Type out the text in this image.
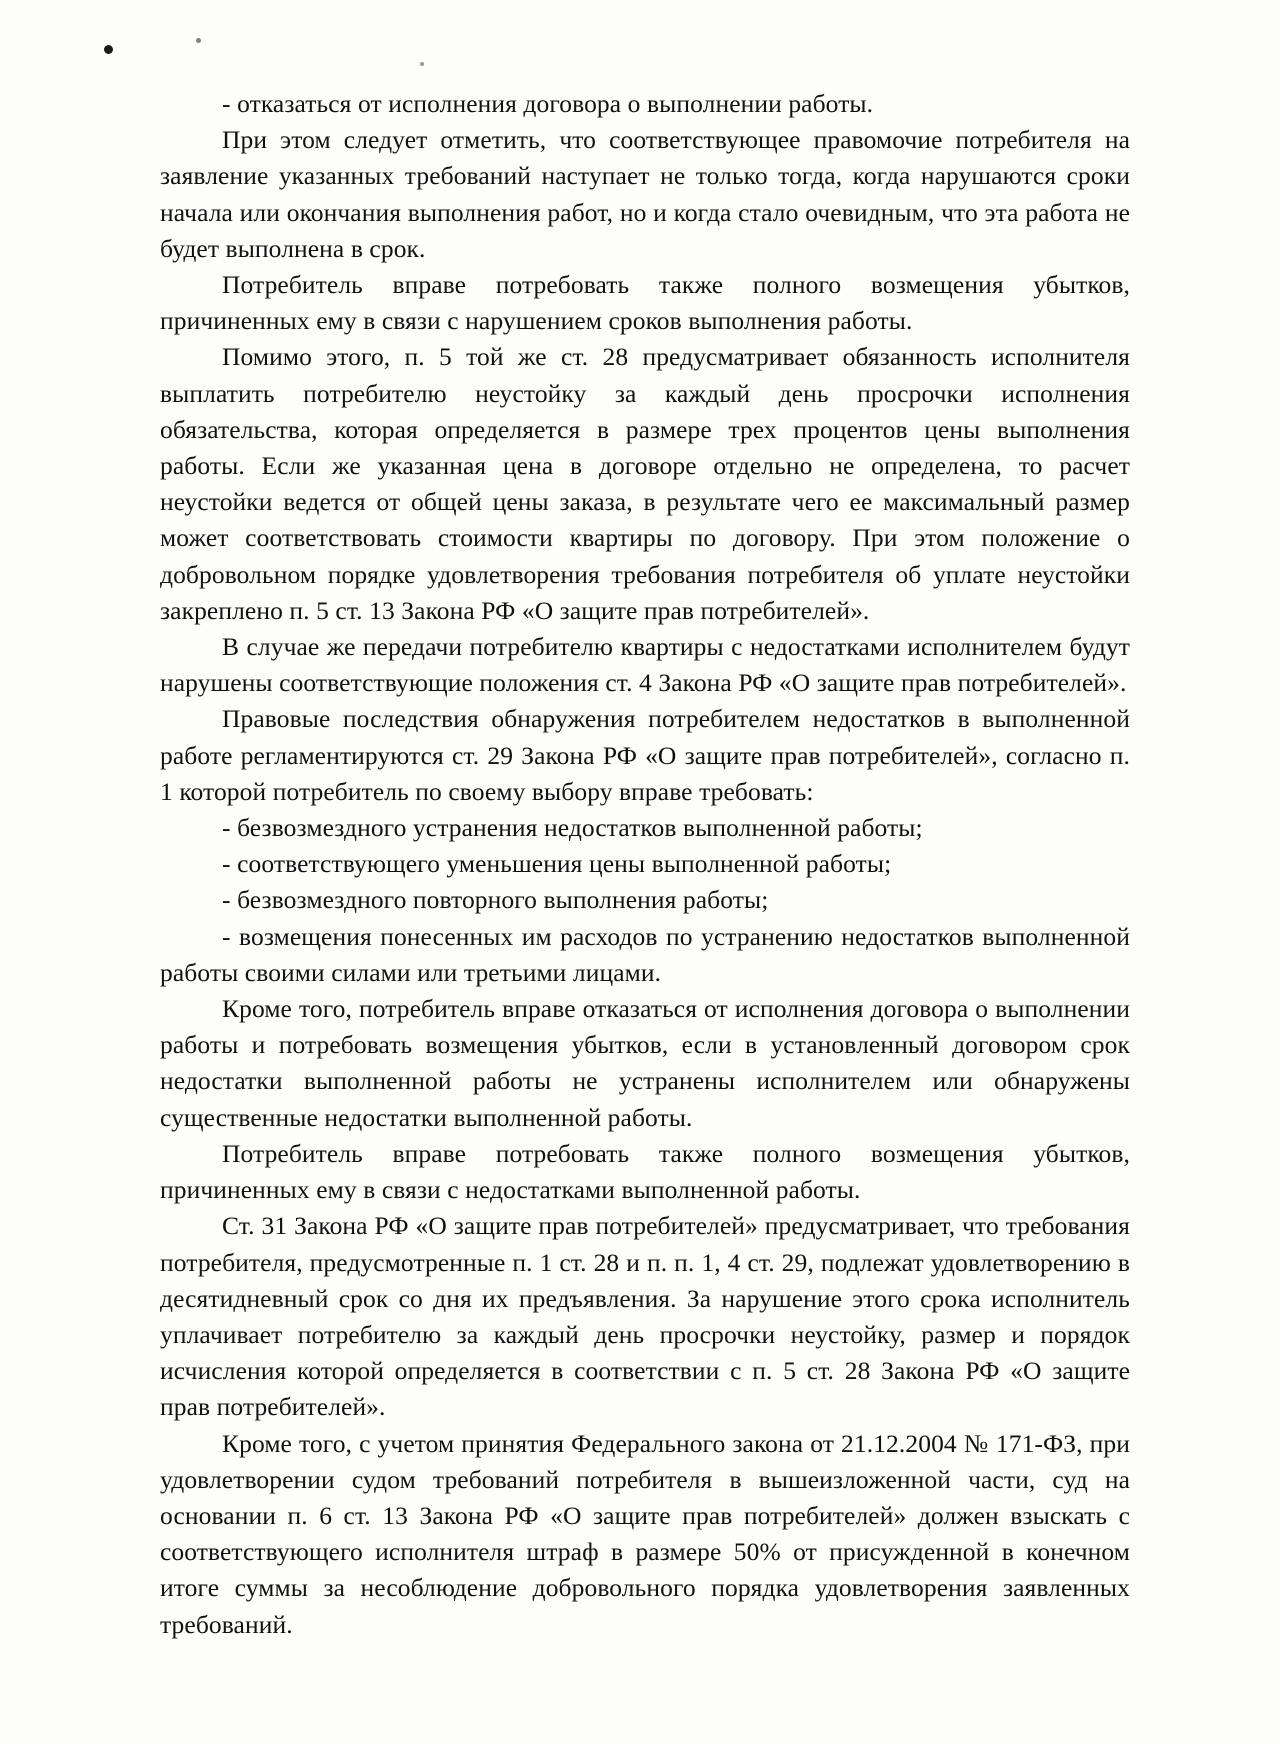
- отказаться от исполнения договора о выполнении работы.

При этом следует отметить, что соответствующее правомочие потребителя на заявление указанных требований наступает не только тогда, когда нарушаются сроки начала или окончания выполнения работ, но и когда стало очевидным, что эта работа не будет выполнена в срок.

Потребитель вправе потребовать также полного возмещения убытков, причиненных ему в связи с нарушением сроков выполнения работы.

Помимо этого, п. 5 той же ст. 28 предусматривает обязанность исполнителя выплатить потребителю неустойку за каждый день просрочки исполнения обязательства, которая определяется в размере трех процентов цены выполнения работы. Если же указанная цена в договоре отдельно не определена, то расчет неустойки ведется от общей цены заказа, в результате чего ее максимальный размер может соответствовать стоимости квартиры по договору. При этом положение о добровольном порядке удовлетворения требования потребителя об уплате неустойки закреплено п. 5 ст. 13 Закона РФ «О защите прав потребителей».

В случае же передачи потребителю квартиры с недостатками исполнителем будут нарушены соответствующие положения ст. 4 Закона РФ «О защите прав потребителей».

Правовые последствия обнаружения потребителем недостатков в выполненной работе регламентируются ст. 29 Закона РФ «О защите прав потребителей», согласно п. 1 которой потребитель по своему выбору вправе требовать:

- безвозмездного устранения недостатков выполненной работы;

- соответствующего уменьшения цены выполненной работы;

- безвозмездного повторного выполнения работы;

- возмещения понесенных им расходов по устранению недостатков выполненной работы своими силами или третьими лицами.

Кроме того, потребитель вправе отказаться от исполнения договора о выполнении работы и потребовать возмещения убытков, если в установленный договором срок недостатки выполненной работы не устранены исполнителем или обнаружены существенные недостатки выполненной работы.

Потребитель вправе потребовать также полного возмещения убытков, причиненных ему в связи с недостатками выполненной работы.

Ст. 31 Закона РФ «О защите прав потребителей» предусматривает, что требования потребителя, предусмотренные п. 1 ст. 28 и п. п. 1, 4 ст. 29, подлежат удовлетворению в десятидневный срок со дня их предъявления. За нарушение этого срока исполнитель уплачивает потребителю за каждый день просрочки неустойку, размер и порядок исчисления которой определяется в соответствии с п. 5 ст. 28 Закона РФ «О защите прав потребителей».

Кроме того, с учетом принятия Федерального закона от 21.12.2004 № 171-ФЗ, при удовлетворении судом требований потребителя в вышеизложенной части, суд на основании п. 6 ст. 13 Закона РФ «О защите прав потребителей» должен взыскать с соответствующего исполнителя штраф в размере 50% от присужденной в конечном итоге суммы за несоблюдение добровольного порядка удовлетворения заявленных требований.
